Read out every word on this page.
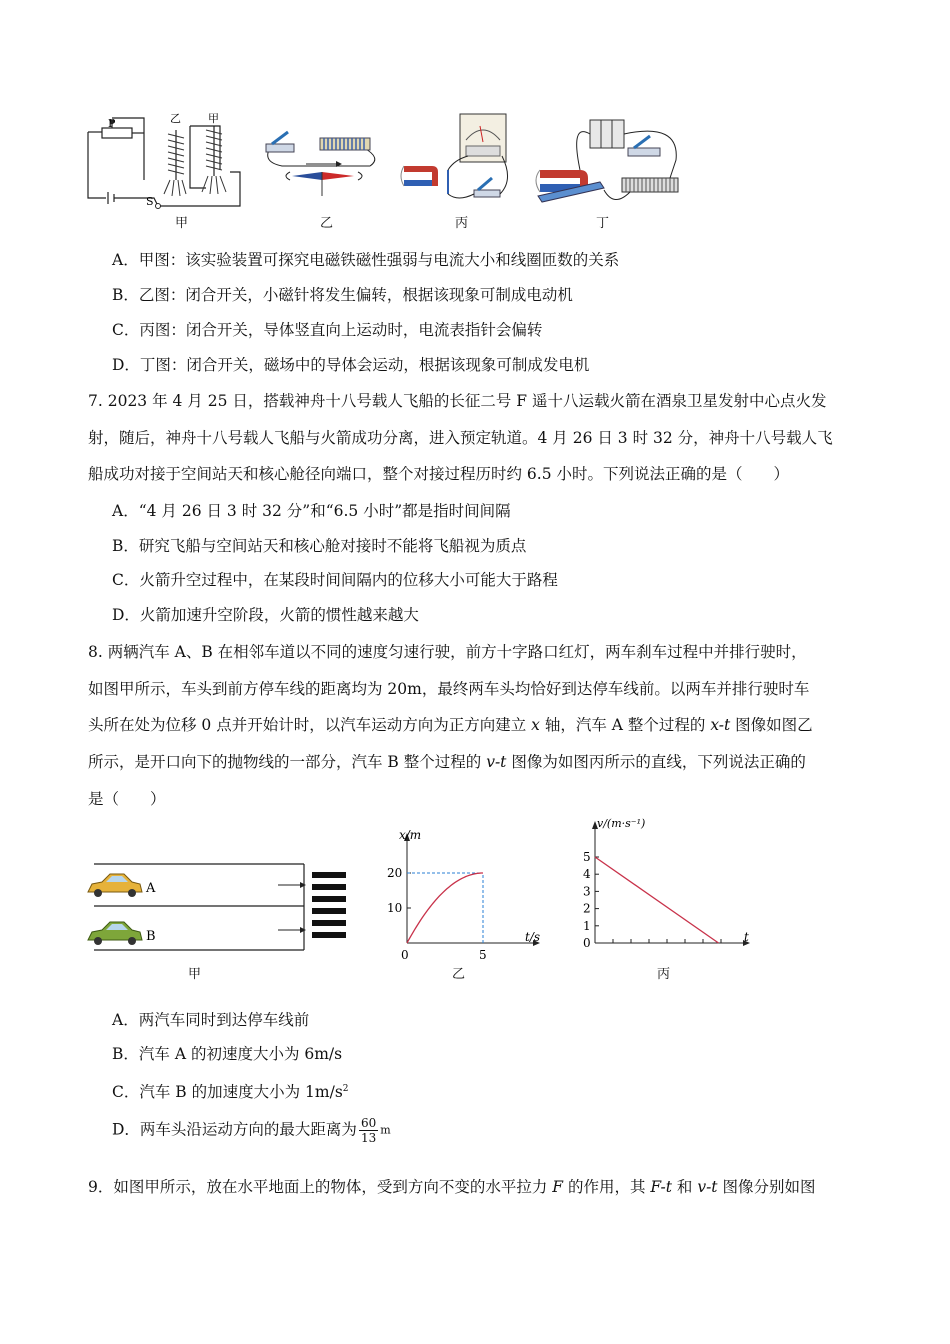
P
S
乙 甲
甲	乙	丙	丁
A．甲图：该实验装置可探究电磁铁磁性强弱与电流大小和线圈匝数的关系
B．乙图：闭合开关，小磁针将发生偏转，根据该现象可制成电动机
C．丙图：闭合开关，导体竖直向上运动时，电流表指针会偏转
D．丁图：闭合开关，磁场中的导体会运动，根据该现象可制成发电机
7. 2023 年 4 月 25 日，搭载神舟十八号载人飞船的长征二号 F 遥十八运载火箭在酒泉卫星发射中心点火发
射，随后，神舟十八号载人飞船与火箭成功分离，进入预定轨道。4 月 26 日 3 时 32 分，神舟十八号载人飞
船成功对接于空间站天和核心舱径向端口，整个对接过程历时约 6.5 小时。下列说法正确的是（　　）
A．“4 月 26 日 3 时 32 分”和“6.5 小时”都是指时间间隔
B．研究飞船与空间站天和核心舱对接时不能将飞船视为质点
C．火箭升空过程中，在某段时间间隔内的位移大小可能大于路程
D．火箭加速升空阶段，火箭的惯性越来越大
8. 两辆汽车 A、B 在相邻车道以不同的速度匀速行驶，前方十字路口红灯，两车刹车过程中并排行驶时，
如图甲所示，车头到前方停车线的距离均为 20m，最终两车头均恰好到达停车线前。以两车并排行驶时车
头所在处为位移 0 点并开始计时，以汽车运动方向为正方向建立 x 轴，汽车 A 整个过程的 x-t 图像如图乙
所示，是开口向下的抛物线的一部分，汽车 B 整个过程的 v-t 图像为如图丙所示的直线，下列说法正确的
是（　　）
A
B
甲
x/m
t/s
0	5
10
20
乙
v/(m·s⁻¹)
t
0
1
2
3
4
5
丙
A．两汽车同时到达停车线前
B．汽车 A 的初速度大小为 6m/s
C．汽车 B 的加速度大小为 $1m/s^2$
D．两车头沿运动方向的最大距离为 $\frac{60}{13}$ m
9．如图甲所示，放在水平地面上的物体，受到方向不变的水平拉力 F 的作用，其 F-t 和 v-t 图像分别如图
